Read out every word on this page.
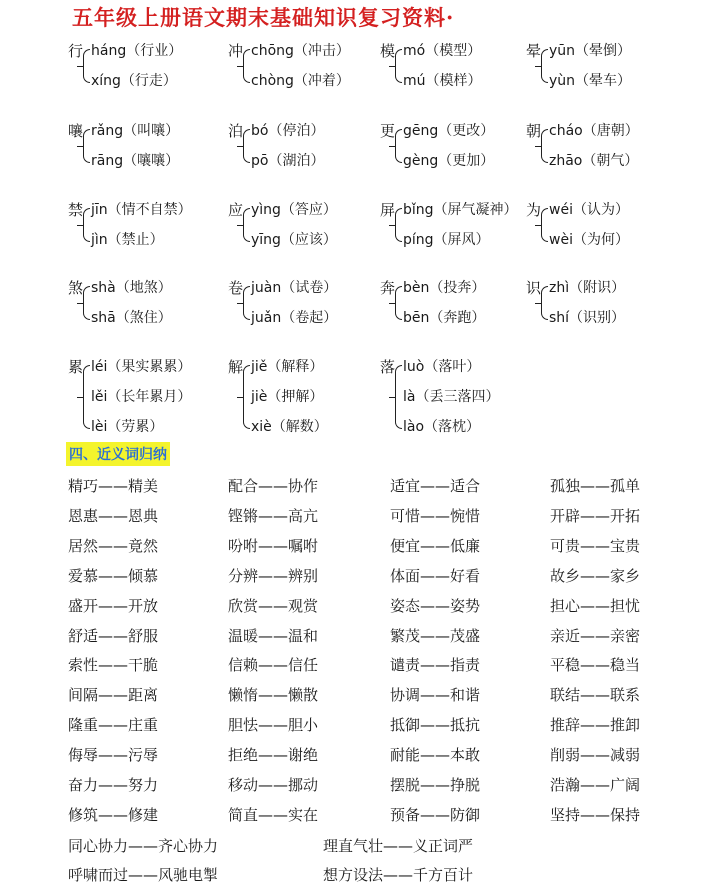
五年级上册语文期末基础知识复习资料·
行 háng（行业）
xíng（行走）
冲 chōng（冲击）
chòng（冲着）
模 mó（模型）
mú（模样）
晕 yūn（晕倒）
yùn（晕车）
嚷 rǎng（叫嚷）
rāng（嚷嚷）
泊 bó（停泊）
pō（湖泊）
更 gēng（更改）
gèng（更加）
朝 cháo（唐朝）
zhāo（朝气）
禁 jīn（情不自禁）
jìn（禁止）
应 yìng（答应）
yīng（应该）
屏 bǐng（屏气凝神）
píng（屏风）
为 wéi（认为）
wèi（为何）
煞 shà（地煞）
shā（煞住）
卷 juàn（试卷）
juǎn（卷起）
奔 bèn（投奔）
bēn（奔跑）
识 zhì（附识）
shí（识别）
累 léi（果实累累）
lěi（长年累月）
lèi（劳累）
解 jiě（解释）
jiè（押解）
xiè（解数）
落 luò（落叶）
là（丢三落四）
lào（落枕）
四、近义词归纳
精巧——精美	配合——协作	适宜——适合	孤独——孤单
恩惠——恩典	铿锵——高亢	可惜——惋惜	开辟——开拓
居然——竟然	吩咐——嘱咐	便宜——低廉	可贵——宝贵
爱慕——倾慕	分辨——辨别	体面——好看	故乡——家乡
盛开——开放	欣赏——观赏	姿态——姿势	担心——担忧
舒适——舒服	温暖——温和	繁茂——茂盛	亲近——亲密
索性——干脆	信赖——信任	谴责——指责	平稳——稳当
间隔——距离	懒惰——懒散	协调——和谐	联结——联系
隆重——庄重	胆怯——胆小	抵御——抵抗	推辞——推卸
侮辱——污辱	拒绝——谢绝	耐能——本敢	削弱——减弱
奋力——努力	移动——挪动	摆脱——挣脱	浩瀚——广阔
修筑——修建	简直——实在	预备——防御	坚持——保持
同心协力——齐心协力	理直气壮——义正词严
呼啸而过——风驰电掣	想方设法——千方百计
